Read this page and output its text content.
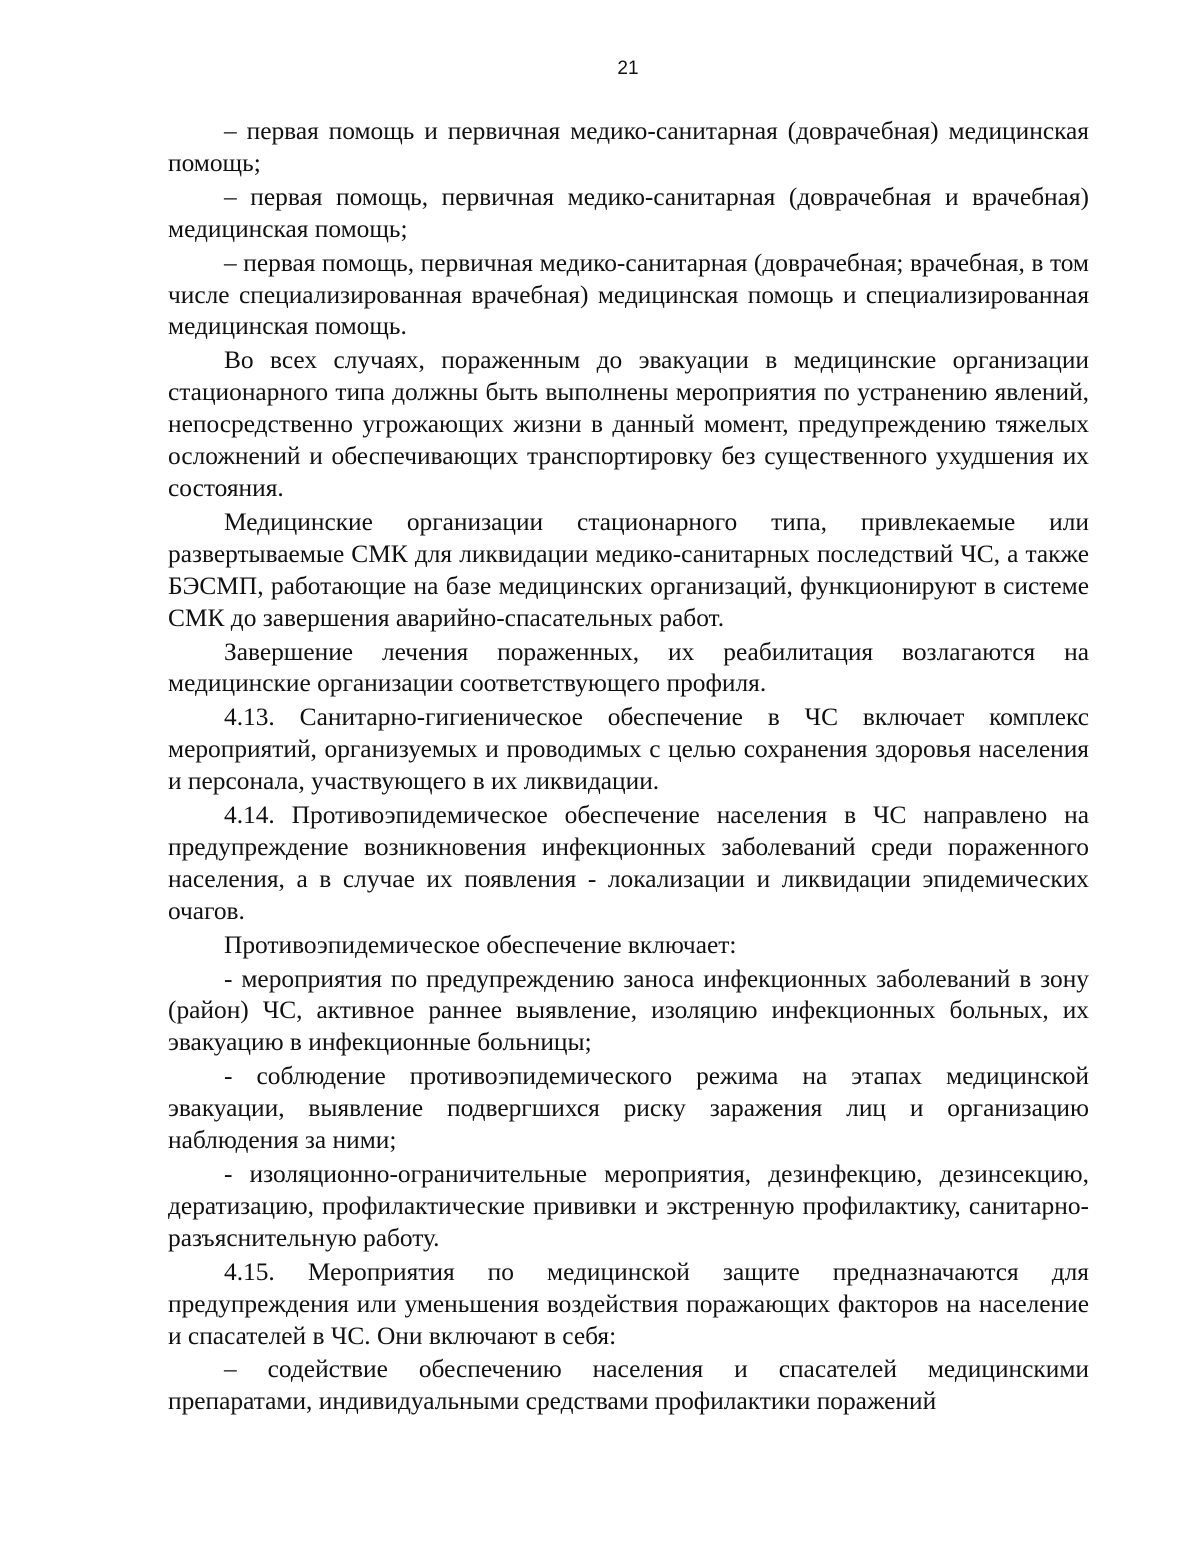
21

– первая помощь и первичная медико-санитарная (доврачебная) медицинская помощь;

– первая помощь, первичная медико-санитарная (доврачебная и врачебная) медицинская помощь;

– первая помощь, первичная медико-санитарная (доврачебная; врачебная, в том числе специализированная врачебная) медицинская помощь и специализированная медицинская помощь.

Во всех случаях, пораженным до эвакуации в медицинские организации стационарного типа должны быть выполнены мероприятия по устранению явлений, непосредственно угрожающих жизни в данный момент, предупреждению тяжелых осложнений и обеспечивающих транспортировку без существенного ухудшения их состояния.

Медицинские организации стационарного типа, привлекаемые или развертываемые СМК для ликвидации медико-санитарных последствий ЧС, а также БЭСМП, работающие на базе медицинских организаций, функционируют в системе СМК до завершения аварийно-спасательных работ.

Завершение лечения пораженных, их реабилитация возлагаются на медицинские организации соответствующего профиля.

4.13. Санитарно-гигиеническое обеспечение в ЧС включает комплекс мероприятий, организуемых и проводимых с целью сохранения здоровья населения и персонала, участвующего в их ликвидации.

4.14. Противоэпидемическое обеспечение населения в ЧС направлено на предупреждение возникновения инфекционных заболеваний среди пораженного населения, а в случае их появления - локализации и ликвидации эпидемических очагов.

Противоэпидемическое обеспечение включает:

- мероприятия по предупреждению заноса инфекционных заболеваний в зону (район) ЧС, активное раннее выявление, изоляцию инфекционных больных, их эвакуацию в инфекционные больницы;

- соблюдение противоэпидемического режима на этапах медицинской эвакуации, выявление подвергшихся риску заражения лиц и организацию наблюдения за ними;

- изоляционно-ограничительные мероприятия, дезинфекцию, дезинсекцию, дератизацию, профилактические прививки и экстренную профилактику, санитарно-разъяснительную работу.

4.15. Мероприятия по медицинской защите предназначаются для предупреждения или уменьшения воздействия поражающих факторов на население и спасателей в ЧС. Они включают в себя:

– содействие обеспечению населения и спасателей медицинскими препаратами, индивидуальными средствами профилактики поражений
